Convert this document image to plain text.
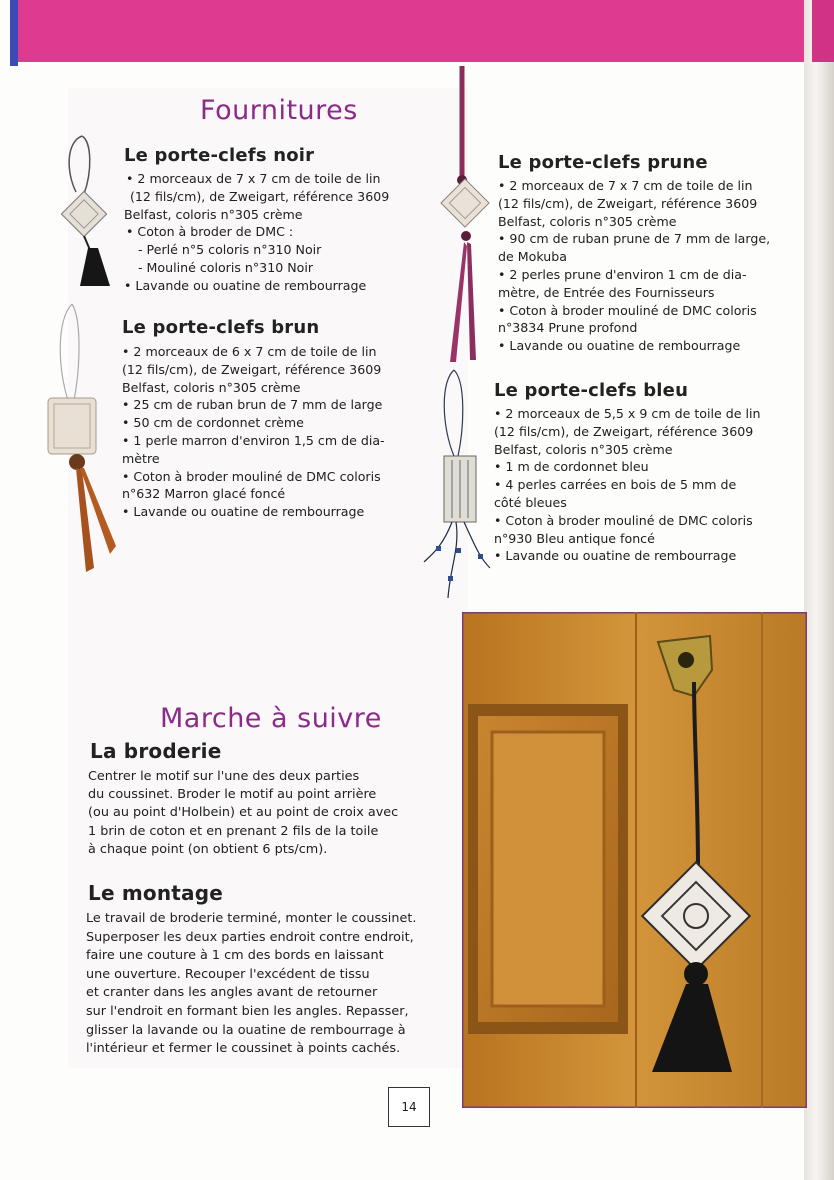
Fournitures
Le porte-clefs noir
• 2 morceaux de 7 x 7 cm de toile de lin
(12 fils/cm), de Zweigart, référence 3609
Belfast, coloris n°305 crème
• Coton à broder de DMC :
- Perlé n°5 coloris n°310 Noir
- Mouliné coloris n°310 Noir
• Lavande ou ouatine de rembourrage
Le porte-clefs brun
• 2 morceaux de 6 x 7 cm de toile de lin
(12 fils/cm), de Zweigart, référence 3609
Belfast, coloris n°305 crème
• 25 cm de ruban brun de 7 mm de large
• 50 cm de cordonnet crème
• 1 perle marron d'environ 1,5 cm de dia-
mètre
• Coton à broder mouliné de DMC coloris
n°632 Marron glacé foncé
• Lavande ou ouatine de rembourrage
Le porte-clefs prune
• 2 morceaux de 7 x 7 cm de toile de lin
(12 fils/cm), de Zweigart, référence 3609
Belfast, coloris n°305 crème
• 90 cm de ruban prune de 7 mm de large,
de Mokuba
• 2 perles prune d'environ 1 cm de dia-
mètre, de Entrée des Fournisseurs
• Coton à broder mouliné de DMC coloris
n°3834 Prune profond
• Lavande ou ouatine de rembourrage
Le porte-clefs bleu
• 2 morceaux de 5,5 x 9 cm de toile de lin
(12 fils/cm), de Zweigart, référence 3609
Belfast, coloris n°305 crème
• 1 m de cordonnet bleu
• 4 perles carrées en bois de 5 mm de
côté bleues
• Coton à broder mouliné de DMC coloris
n°930 Bleu antique foncé
• Lavande ou ouatine de rembourrage
Marche à suivre
La broderie
Centrer le motif sur l'une des deux parties
du coussinet. Broder le motif au point arrière
(ou au point d'Holbein) et au point de croix avec
1 brin de coton et en prenant 2 fils de la toile
à chaque point (on obtient 6 pts/cm).
Le montage
Le travail de broderie terminé, monter le coussinet.
Superposer les deux parties endroit contre endroit,
faire une couture à 1 cm des bords en laissant
une ouverture. Recouper l'excédent de tissu
et cranter dans les angles avant de retourner
sur l'endroit en formant bien les angles. Repasser,
glisser la lavande ou la ouatine de rembourrage à
l'intérieur et fermer le coussinet à points cachés.
14
